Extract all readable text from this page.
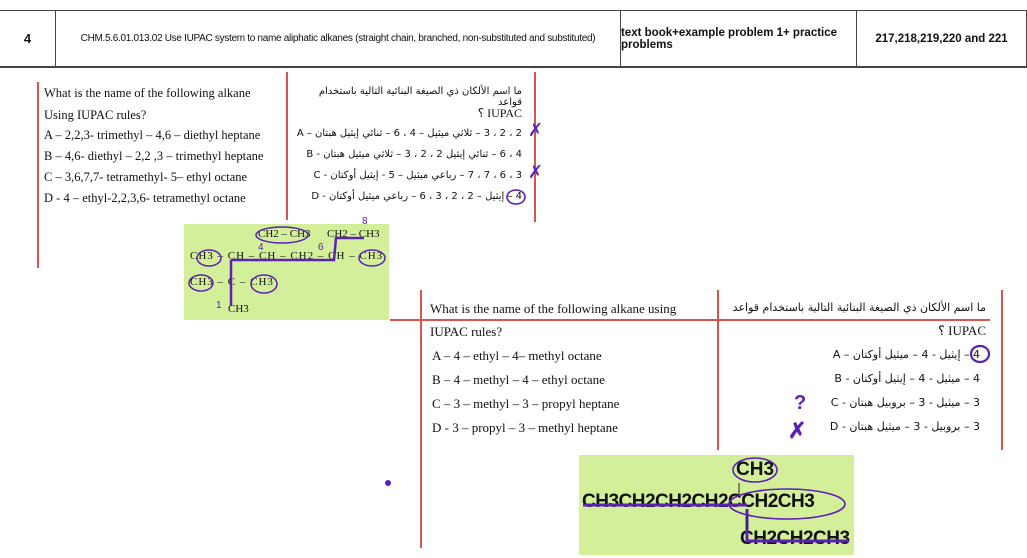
4	CHM.5.6.01.013.02 Use IUPAC system to name aliphatic alkanes (straight chain, branched, non-substituted and substituted)	text book+example problem 1+ practice problems	217,218,219,220 and 221
What is the name of the following alkane
Using IUPAC rules?
A – 2,2,3- trimethyl – 4,6 – diethyl heptane
B – 4,6- diethyl – 2,2 ,3 – trimethyl heptane
C – 3,6,7,7- tetramethyl- 5– ethyl octane
D - 4 – ethyl-2,2,3,6- tetramethyl octane
ما اسم الألكان ذي الصيغة البنائية التالية باستخدام قواعد
IUPAC ؟
2 ، 2 ، 3 – ثلاثي ميثيل – 4 ، 6 – ثنائي إيثيل هبتان – A
4 ، 6 – ثنائي إيثيل 2 ، 2 ، 3 – ثلاثي ميثيل هبتان - B
3 ، 6 ، 7 ، 7 – رباعي ميثيل – 5 - إيثيل أوكتان - C
4 – إيثيل – 2 ، 2 ، 3 ، 6 – رباعي ميثيل أوكتان - D
✗
✗
CH2 – CH3 CH2 – CH3
CH3 – CH – CH – CH2 – CH – CH3
CH3 – C – CH3
CH3
4	6
8
1	What is the name of the following alkane using
IUPAC rules?
A – 4 – ethyl – 4– methyl octane
B – 4 – methyl – 4 – ethyl octane
C – 3 – methyl – 3 – propyl heptane
D - 3 – propyl – 3 – methyl heptane
ما اسم الألكان ذي الصيغة البنائية التالية باستخدام قواعد
IUPAC ؟
4 – إيثيل - 4 – ميثيل أوكتان – A
4 – ميثيل - 4 – إيثيل أوكتان - B
3 – ميثيل - 3 – بروبيل هبتان - C
3 – بروبيل - 3 – ميثيل هبتان - D
?
✗
CH3
CH3CH2CH2CH2CCH2CH3
CH2CH2CH3
